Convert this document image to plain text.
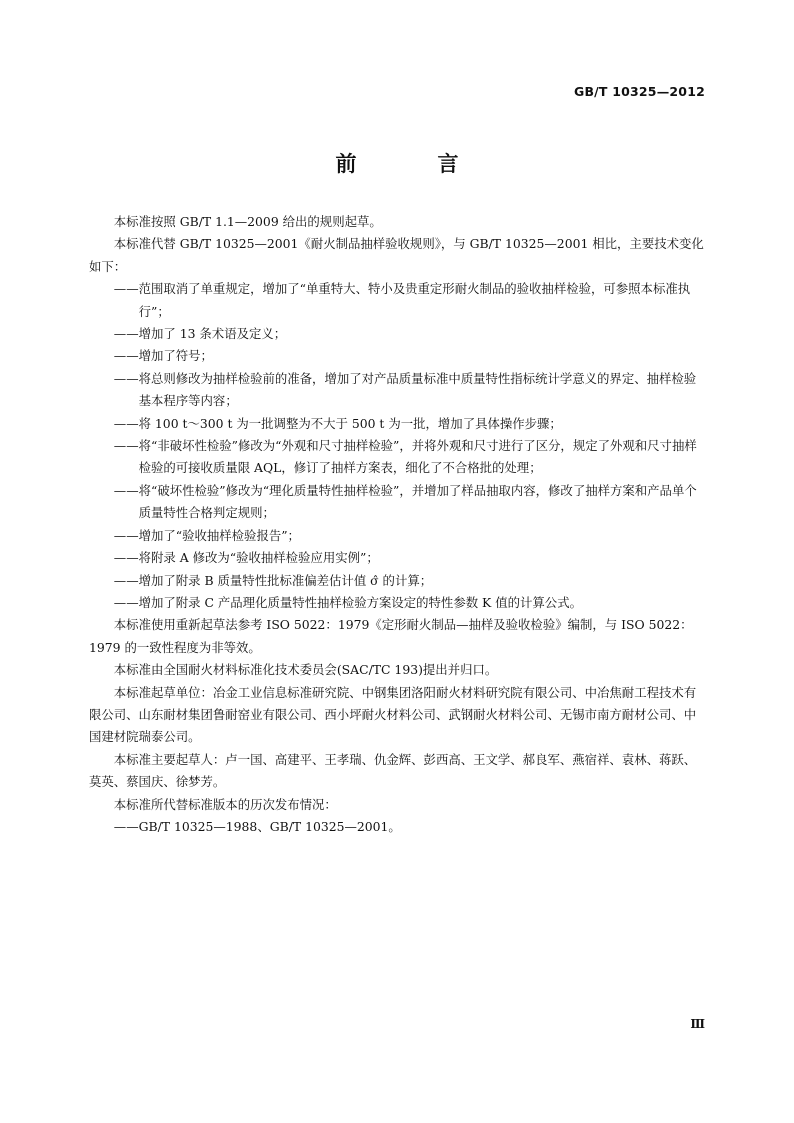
GB/T 10325—2012
前　言

本标准按照 GB/T 1.1—2009 给出的规则起草。

本标准代替 GB/T 10325—2001《耐火制品抽样验收规则》，与 GB/T 10325—2001 相比，主要技术变化如下：

——范围取消了单重规定，增加了“单重特大、特小及贵重定形耐火制品的验收抽样检验，可参照本标准执行”；

——增加了 13 条术语及定义；

——增加了符号；

——将总则修改为抽样检验前的准备，增加了对产品质量标准中质量特性指标统计学意义的界定、抽样检验基本程序等内容；

——将 100 t～300 t 为一批调整为不大于 500 t 为一批，增加了具体操作步骤；

——将“非破坏性检验”修改为“外观和尺寸抽样检验”，并将外观和尺寸进行了区分，规定了外观和尺寸抽样检验的可接收质量限 AQL，修订了抽样方案表，细化了不合格批的处理；

——将“破坏性检验”修改为“理化质量特性抽样检验”，并增加了样品抽取内容，修改了抽样方案和产品单个质量特性合格判定规则；

——增加了“验收抽样检验报告”；

——将附录 A 修改为“验收抽样检验应用实例”；

——增加了附录 B 质量特性批标准偏差估计值 σ̂ 的计算；

——增加了附录 C 产品理化质量特性抽样检验方案设定的特性参数 K 值的计算公式。

本标准使用重新起草法参考 ISO 5022：1979《定形耐火制品—抽样及验收检验》编制，与 ISO 5022：1979 的一致性程度为非等效。

本标准由全国耐火材料标准化技术委员会(SAC/TC 193)提出并归口。

本标准起草单位：冶金工业信息标准研究院、中钢集团洛阳耐火材料研究院有限公司、中冶焦耐工程技术有限公司、山东耐材集团鲁耐窑业有限公司、西小坪耐火材料公司、武钢耐火材料公司、无锡市南方耐材公司、中国建材院瑞泰公司。

本标准主要起草人：卢一国、高建平、王孝瑞、仇金辉、彭西高、王文学、郝良军、燕宿祥、袁林、蒋跃、莫英、蔡国庆、徐梦芳。

本标准所代替标准版本的历次发布情况：

——GB/T 10325—1988、GB/T 10325—2001。

Ⅲ
